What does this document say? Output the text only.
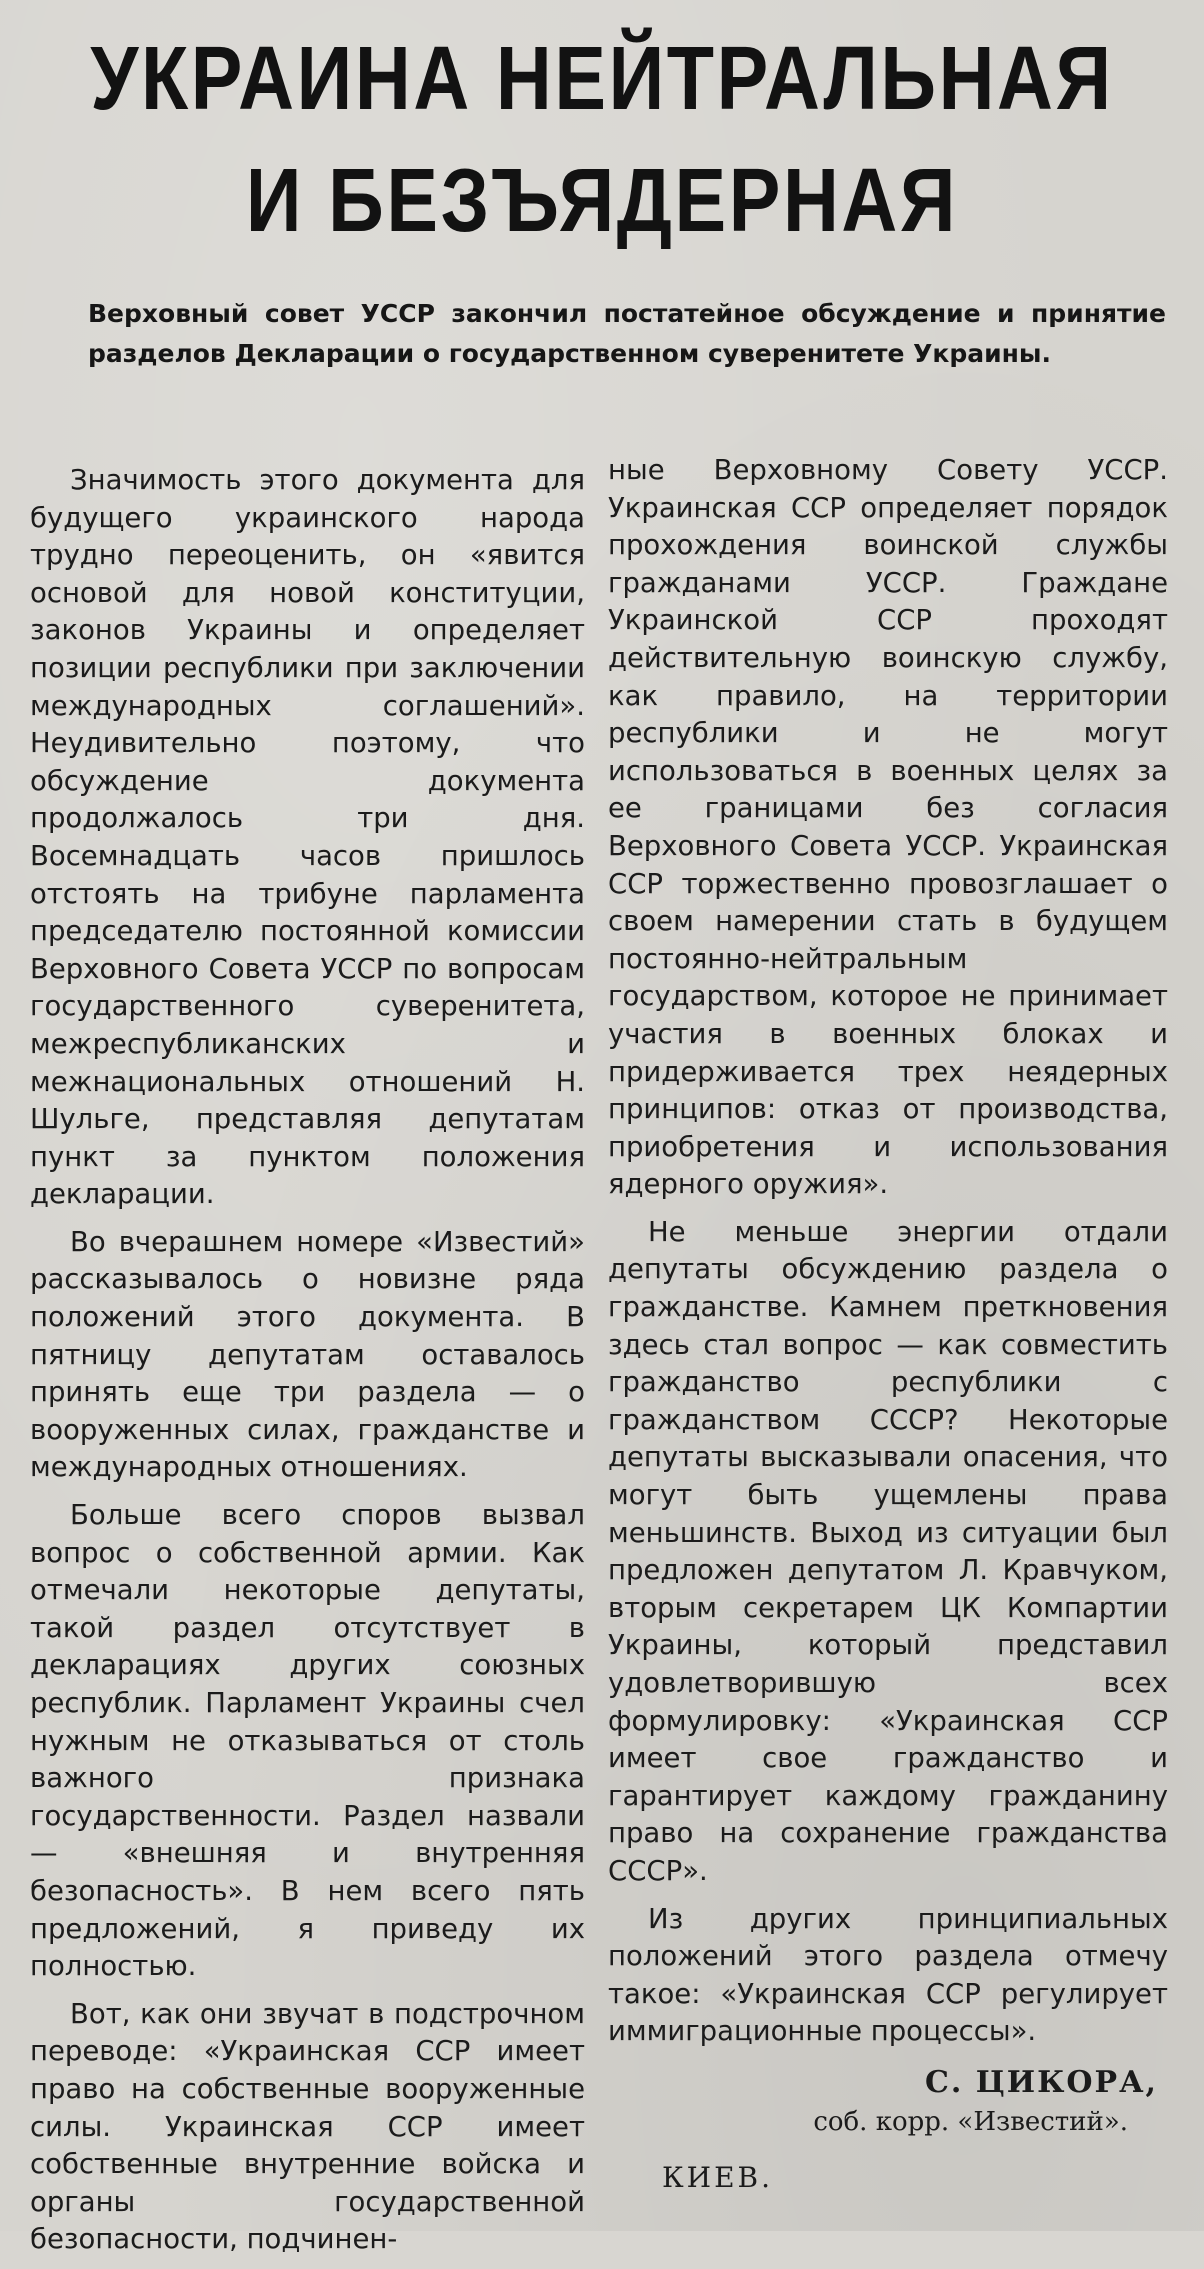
УКРАИНА НЕЙТРАЛЬНАЯ
И БЕЗЪЯДЕРНАЯ
Верховный совет УССР закончил постатейное обсуждение и принятие разделов Декларации о государственном суверенитете Украины.

Значимость этого документа для будущего украинского народа трудно переоценить, он «явится основой для новой конституции, законов Украины и определяет позиции республики при заключении международных соглашений». Неудивительно поэтому, что обсуждение документа продолжалось три дня. Восемнадцать часов пришлось отстоять на трибуне парламента председателю постоянной комиссии Верховного Совета УССР по вопросам государственного суверенитета, межреспубликанских и межнациональных отношений Н. Шульге, представляя депутатам пункт за пунктом положения декларации.

Во вчерашнем номере «Известий» рассказывалось о новизне ряда положений этого документа. В пятницу депутатам оставалось принять еще три раздела — о вооруженных силах, гражданстве и международных отношениях.

Больше всего споров вызвал вопрос о собственной армии. Как отмечали некоторые депутаты, такой раздел отсутствует в декларациях других союзных республик. Парламент Украины счел нужным не отказываться от столь важного признака государственности. Раздел назвали — «внешняя и внутренняя безопасность». В нем всего пять предложений, я приведу их полностью.

Вот, как они звучат в подстрочном переводе: «Украинская ССР имеет право на собственные вооруженные силы. Украинская ССР имеет собственные внутренние войска и органы государственной безопасности, подчинен-

ные Верховному Совету УССР. Украинская ССР определяет порядок прохождения воинской службы гражданами УССР. Граждане Украинской ССР проходят действительную воинскую службу, как правило, на территории республики и не могут использоваться в военных целях за ее границами без согласия Верховного Совета УССР. Украинская ССР торжественно провозглашает о своем намерении стать в будущем постоянно-нейтральным государством, которое не принимает участия в военных блоках и придерживается трех неядерных принципов: отказ от производства, приобретения и использования ядерного оружия».

Не меньше энергии отдали депутаты обсуждению раздела о гражданстве. Камнем преткновения здесь стал вопрос — как совместить гражданство республики с гражданством СССР? Некоторые депутаты высказывали опасения, что могут быть ущемлены права меньшинств. Выход из ситуации был предложен депутатом Л. Кравчуком, вторым секретарем ЦК Компартии Украины, который представил удовлетворившую всех формулировку: «Украинская ССР имеет свое гражданство и гарантирует каждому гражданину право на сохранение гражданства СССР».

Из других принципиальных положений этого раздела отмечу такое: «Украинская ССР регулирует иммиграционные процессы».

С. ЦИКОРА,
соб. корр. «Известий».
КИЕВ.
